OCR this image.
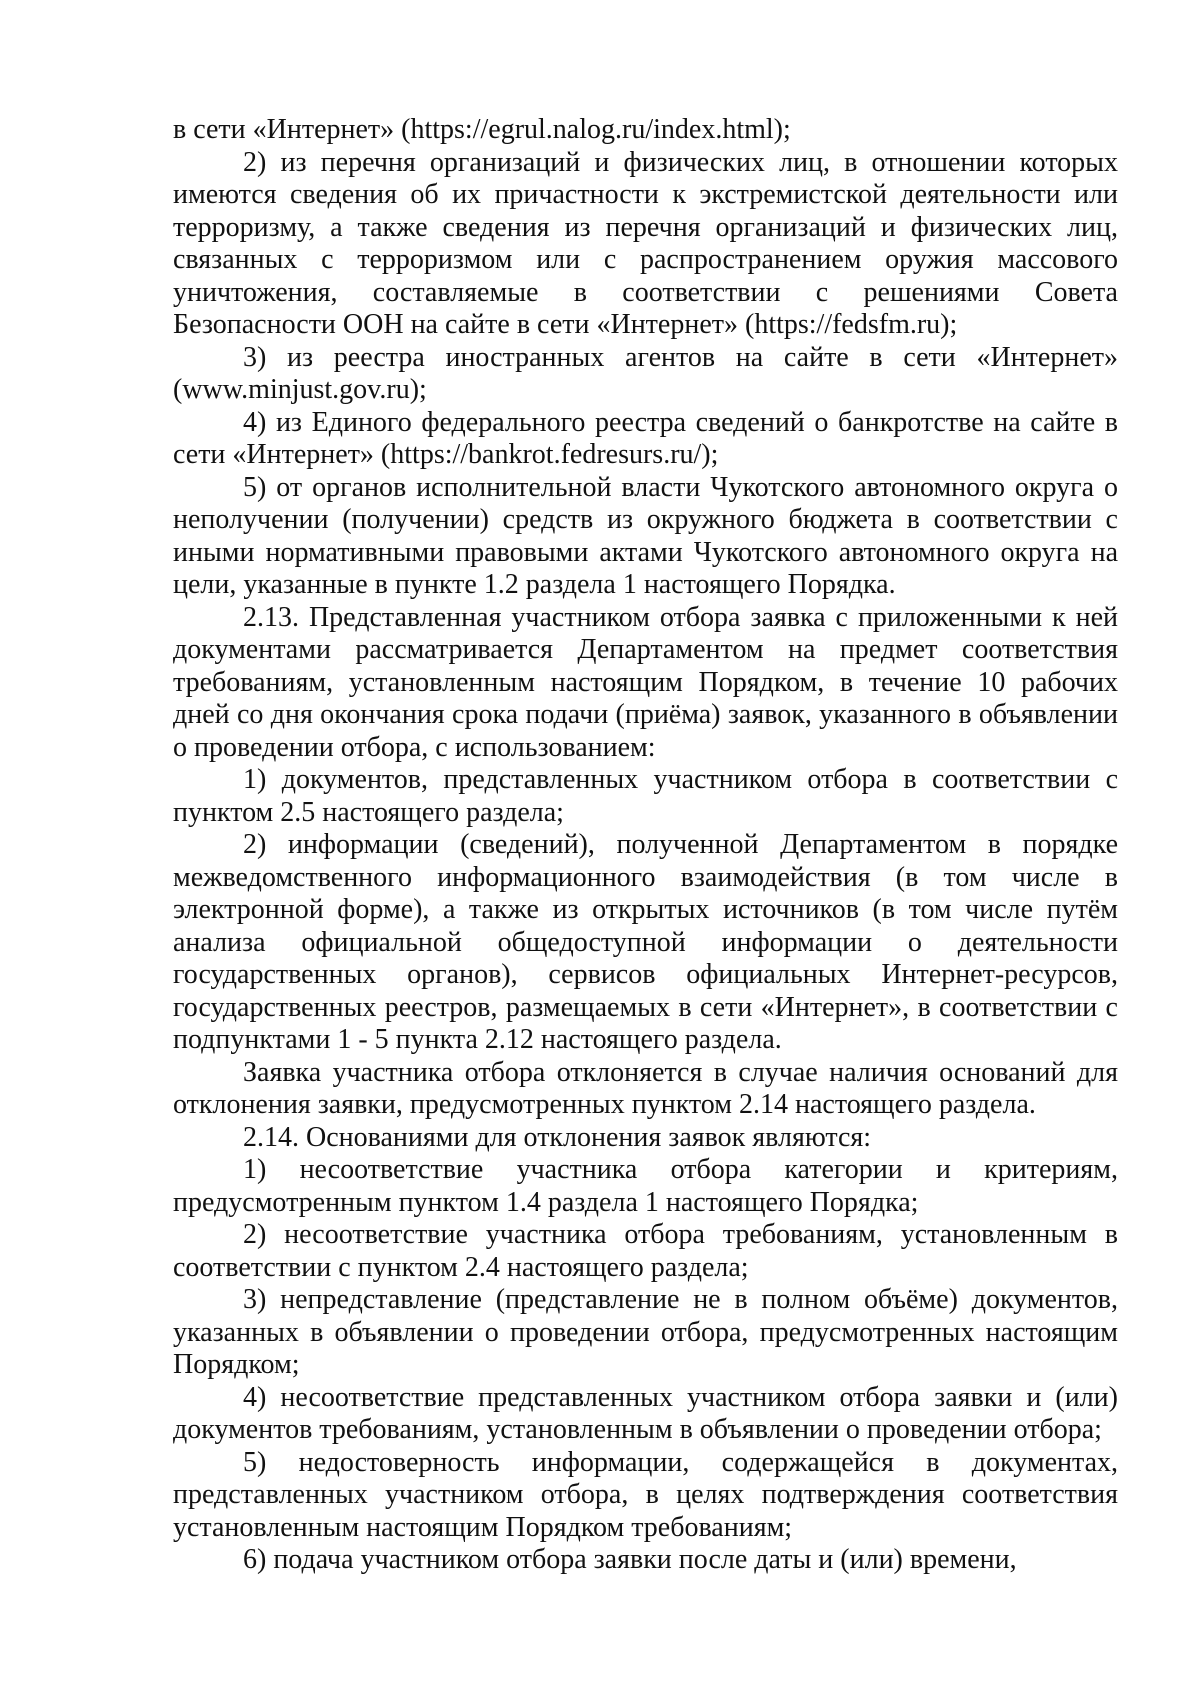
в сети «Интернет» (https://egrul.nalog.ru/index.html);

2) из перечня организаций и физических лиц, в отношении которых имеются сведения об их причастности к экстремистской деятельности или терроризму, а также сведения из перечня организаций и физических лиц, связанных с терроризмом или с распространением оружия массового уничтожения, составляемые в соответствии с решениями Совета Безопасности ООН на сайте в сети «Интернет» (https://fedsfm.ru);

3) из реестра иностранных агентов на сайте в сети «Интернет» (www.minjust.gov.ru);

4) из Единого федерального реестра сведений о банкротстве на сайте в сети «Интернет» (https://bankrot.fedresurs.ru/);

5) от органов исполнительной власти Чукотского автономного округа о неполучении (получении) средств из окружного бюджета в соответствии с иными нормативными правовыми актами Чукотского автономного округа на цели, указанные в пункте 1.2 раздела 1 настоящего Порядка.

2.13. Представленная участником отбора заявка с приложенными к ней документами рассматривается Департаментом на предмет соответствия требованиям, установленным настоящим Порядком, в течение 10 рабочих дней со дня окончания срока подачи (приёма) заявок, указанного в объявлении о проведении отбора, с использованием:

1) документов, представленных участником отбора в соответствии с пунктом 2.5 настоящего раздела;

2) информации (сведений), полученной Департаментом в порядке межведомственного информационного взаимодействия (в том числе в электронной форме), а также из открытых источников (в том числе путём анализа официальной общедоступной информации о деятельности государственных органов), сервисов официальных Интернет-ресурсов, государственных реестров, размещаемых в сети «Интернет», в соответствии с подпунктами 1 - 5 пункта 2.12 настоящего раздела.

Заявка участника отбора отклоняется в случае наличия оснований для отклонения заявки, предусмотренных пунктом 2.14 настоящего раздела.

2.14. Основаниями для отклонения заявок являются:

1) несоответствие участника отбора категории и критериям, предусмотренным пунктом 1.4 раздела 1 настоящего Порядка;

2) несоответствие участника отбора требованиям, установленным в соответствии с пунктом 2.4 настоящего раздела;

3) непредставление (представление не в полном объёме) документов, указанных в объявлении о проведении отбора, предусмотренных настоящим Порядком;

4) несоответствие представленных участником отбора заявки и (или) документов требованиям, установленным в объявлении о проведении отбора;

5) недостоверность информации, содержащейся в документах, представленных участником отбора, в целях подтверждения соответствия установленным настоящим Порядком требованиям;

6) подача участником отбора заявки после даты и (или) времени,
